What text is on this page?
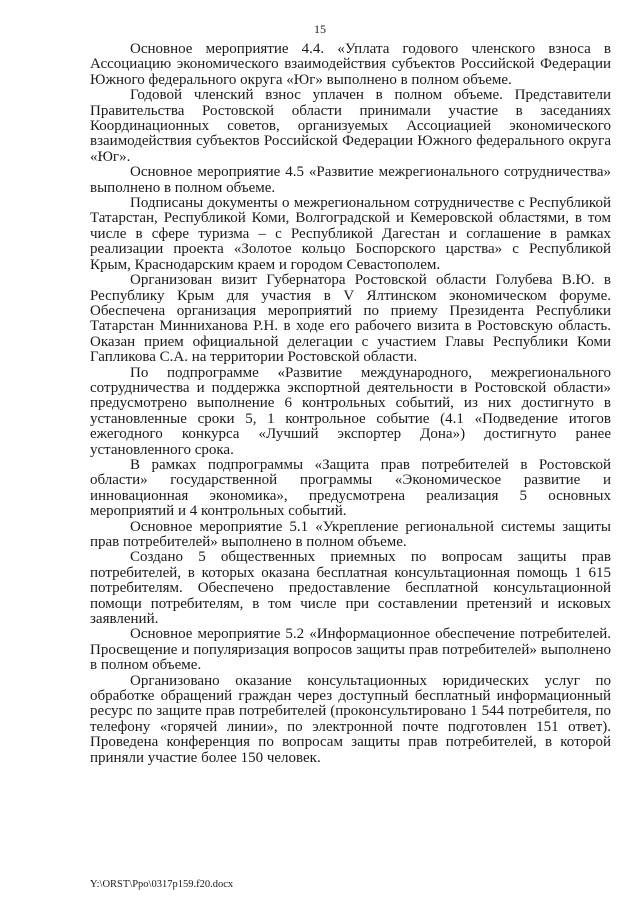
15

Основное мероприятие 4.4. «Уплата годового членского взноса в Ассоциацию экономического взаимодействия субъектов Российской Федерации Южного федерального округа «Юг» выполнено в полном объеме.

Годовой членский взнос уплачен в полном объеме. Представители Правительства Ростовской области принимали участие в заседаниях Координационных советов, организуемых Ассоциацией экономического взаимодействия субъектов Российской Федерации Южного федерального округа «Юг».

Основное мероприятие 4.5 «Развитие межрегионального сотрудничества» выполнено в полном объеме.

Подписаны документы о межрегиональном сотрудничестве с Республикой Татарстан, Республикой Коми, Волгоградской и Кемеровской областями, в том числе в сфере туризма – с Республикой Дагестан и соглашение в рамках реализации проекта «Золотое кольцо Боспорского царства» с Республикой Крым, Краснодарским краем и городом Севастополем.

Организован визит Губернатора Ростовской области Голубева В.Ю. в Республику Крым для участия в V Ялтинском экономическом форуме. Обеспечена организация мероприятий по приему Президента Республики Татарстан Минниханова Р.Н. в ходе его рабочего визита в Ростовскую область. Оказан прием официальной делегации с участием Главы Республики Коми Гапликова С.А. на территории Ростовской области.

По подпрограмме «Развитие международного, межрегионального сотрудничества и поддержка экспортной деятельности в Ростовской области» предусмотрено выполнение 6 контрольных событий, из них достигнуто в установленные сроки 5, 1 контрольное событие (4.1 «Подведение итогов ежегодного конкурса «Лучший экспортер Дона») достигнуто ранее установленного срока.

В рамках подпрограммы «Защита прав потребителей в Ростовской области» государственной программы «Экономическое развитие и инновационная экономика», предусмотрена реализация 5 основных мероприятий и 4 контрольных событий.

Основное мероприятие 5.1 «Укрепление региональной системы защиты прав потребителей» выполнено в полном объеме.

Создано 5 общественных приемных по вопросам защиты прав потребителей, в которых оказана бесплатная консультационная помощь 1 615 потребителям. Обеспечено предоставление бесплатной консультационной помощи потребителям, в том числе при составлении претензий и исковых заявлений.

Основное мероприятие 5.2 «Информационное обеспечение потребителей. Просвещение и популяризация вопросов защиты прав потребителей» выполнено в полном объеме.

Организовано оказание консультационных юридических услуг по обработке обращений граждан через доступный бесплатный информационный ресурс по защите прав потребителей (проконсультировано 1 544 потребителя, по телефону «горячей линии», по электронной почте подготовлен 151 ответ). Проведена конференция по вопросам защиты прав потребителей, в которой приняли участие более 150 человек.

Y:\ORST\Ppo\0317p159.f20.docx
